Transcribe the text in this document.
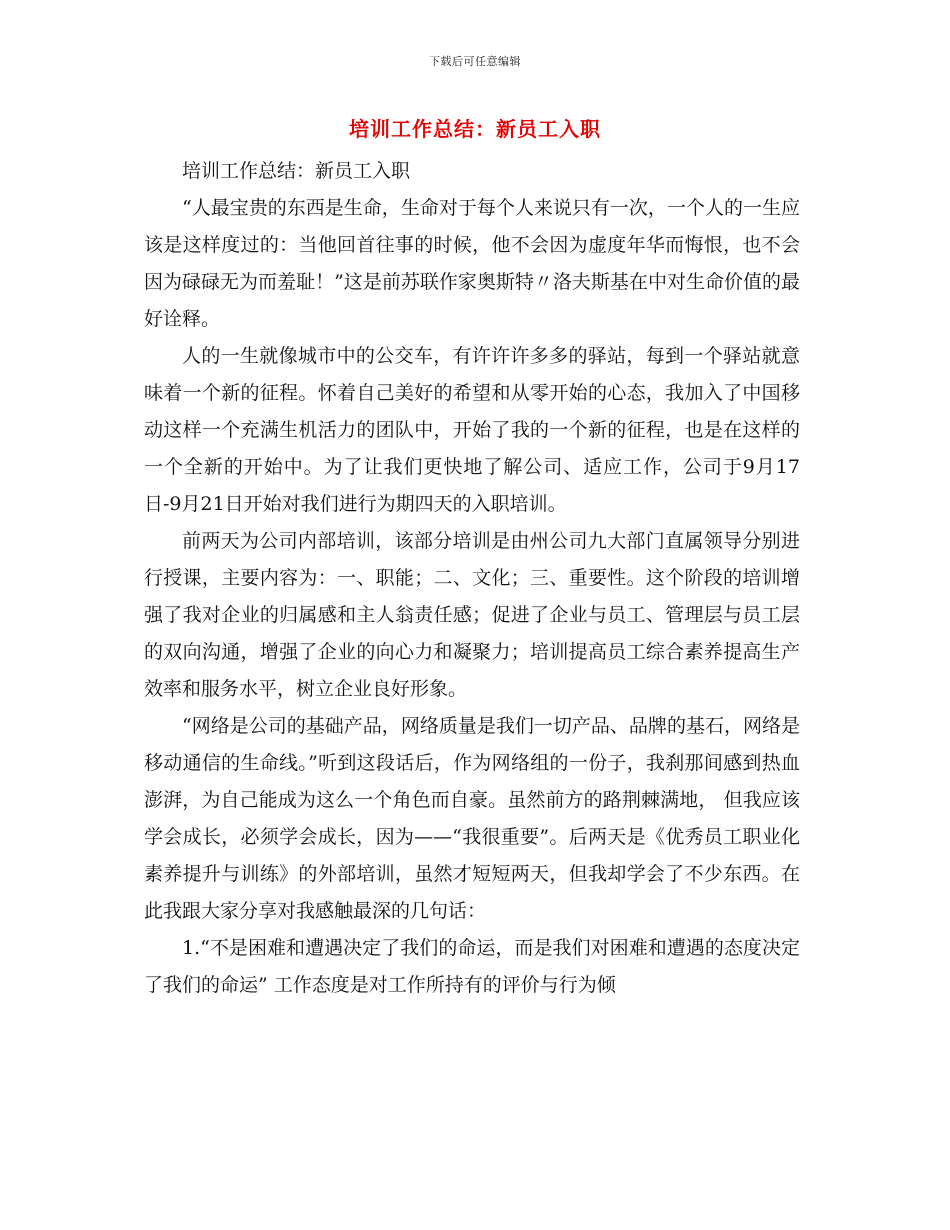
下载后可任意编辑
培训工作总结：新员工入职

培训工作总结：新员工入职

“人最宝贵的东西是生命，生命对于每个人来说只有一次，一个人的一生应该是这样度过的：当他回首往事的时候，他不会因为虚度年华而悔恨，也不会因为碌碌无为而羞耻！”这是前苏联作家奥斯特〃洛夫斯基在中对生命价值的最好诠释。

人的一生就像城市中的公交车，有许许许多多的驿站，每到一个驿站就意味着一个新的征程。怀着自己美好的希望和从零开始的心态，我加入了中国移动这样一个充满生机活力的团队中，开始了我的一个新的征程，也是在这样的一个全新的开始中。为了让我们更快地了解公司、适应工作，公司于9月17日-9月21日开始对我们进行为期四天的入职培训。

前两天为公司内部培训，该部分培训是由州公司九大部门直属领导分别进行授课，主要内容为：一、职能；二、文化；三、重要性。这个阶段的培训增强了我对企业的归属感和主人翁责任感；促进了企业与员工、管理层与员工层的双向沟通，增强了企业的向心力和凝聚力；培训提高员工综合素养提高生产效率和服务水平，树立企业良好形象。

“网络是公司的基础产品，网络质量是我们一切产品、品牌的基石，网络是移动通信的生命线。”听到这段话后，作为网络组的一份子，我刹那间感到热血澎湃，为自己能成为这么一个角色而自豪。虽然前方的路荆棘满地， 但我应该学会成长，必须学会成长，因为——“我很重要”。后两天是《优秀员工职业化素养提升与训练》的外部培训，虽然才短短两天，但我却学会了不少东西。在此我跟大家分享对我感触最深的几句话：

1.“不是困难和遭遇决定了我们的命运，而是我们对困难和遭遇的态度决定了我们的命运” 工作态度是对工作所持有的评价与行为倾
